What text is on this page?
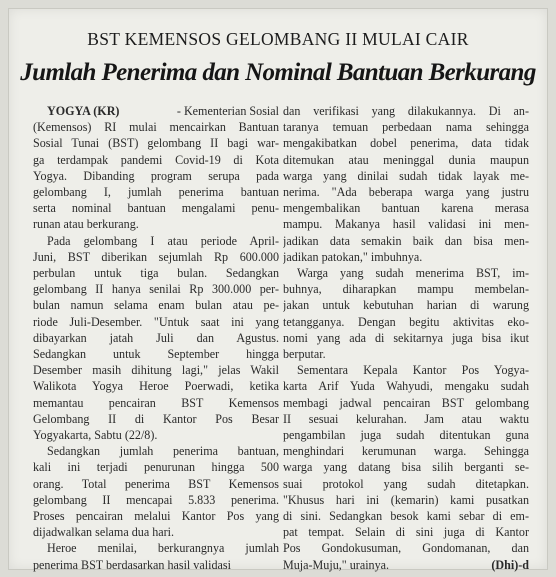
BST KEMENSOS GELOMBANG II MULAI CAIR
Jumlah Penerima dan Nominal Bantuan Berkurang
YOGYA (KR)	- Kementerian Sosial
(Kemensos) RI mulai mencairkan Bantuan
Sosial Tunai (BST) gelombang II bagi war-
ga terdampak pandemi Covid-19 di Kota
Yogya. Dibanding program serupa pada
gelombang I, jumlah penerima bantuan
serta nominal bantuan mengalami penu-
runan atau berkurang.
Pada gelombang I atau periode April-
Juni, BST diberikan sejumlah Rp 600.000
perbulan untuk tiga bulan. Sedangkan
gelombang II hanya senilai Rp 300.000 per-
bulan namun selama enam bulan atau pe-
riode Juli-Desember. "Untuk saat ini yang
dibayarkan jatah Juli dan Agustus.
Sedangkan untuk September hingga
Desember masih dihitung lagi," jelas Wakil
Walikota Yogya Heroe Poerwadi, ketika
memantau pencairan BST Kemensos
Gelombang II di Kantor Pos Besar
Yogyakarta, Sabtu (22/8).
Sedangkan jumlah penerima bantuan,
kali ini terjadi penurunan hingga 500
orang. Total penerima BST Kemensos
gelombang II mencapai 5.833 penerima.
Proses pencairan melalui Kantor Pos yang
dijadwalkan selama dua hari.
Heroe menilai, berkurangnya jumlah
penerima BST berdasarkan hasil validasi
dan verifikasi yang dilakukannya. Di an-
taranya temuan perbedaan nama sehingga
mengakibatkan dobel penerima, data tidak
ditemukan atau meninggal dunia maupun
warga yang dinilai sudah tidak layak me-
nerima. "Ada beberapa warga yang justru
mengembalikan bantuan karena merasa
mampu. Makanya hasil validasi ini men-
jadikan data semakin baik dan bisa men-
jadikan patokan," imbuhnya.
Warga yang sudah menerima BST, im-
buhnya, diharapkan mampu membelan-
jakan untuk kebutuhan harian di warung
tetangganya. Dengan begitu aktivitas eko-
nomi yang ada di sekitarnya juga bisa ikut
berputar.
Sementara Kepala Kantor Pos Yogya-
karta Arif Yuda Wahyudi, mengaku sudah
membagi jadwal pencairan BST gelombang
II sesuai kelurahan. Jam atau waktu
pengambilan juga sudah ditentukan guna
menghindari kerumunan warga. Sehingga
warga yang datang bisa silih berganti se-
suai protokol yang sudah ditetapkan.
"Khusus hari ini (kemarin) kami pusatkan
di sini. Sedangkan besok kami sebar di em-
pat tempat. Selain di sini juga di Kantor
Pos Gondokusuman, Gondomanan, dan
Muja-Muju," urainya.	(Dhi)-d
